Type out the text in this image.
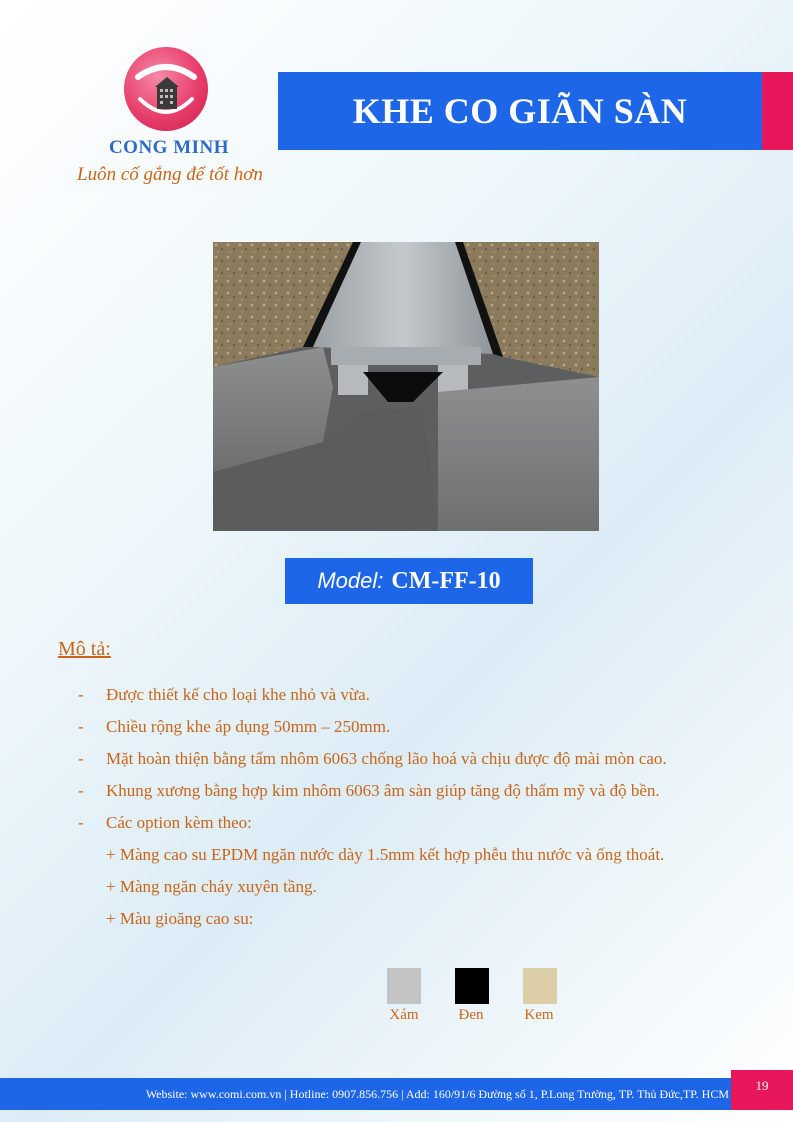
CONG MINH
Luôn cố gắng để tốt hơn
KHE CO GIÃN SÀN
Model: CM-FF-10
Mô tả:
- Được thiết kế cho loại khe nhỏ và vừa.
- Chiều rộng khe áp dụng 50mm – 250mm.
- Mặt hoàn thiện bằng tấm nhôm 6063 chống lão hoá và chịu được độ mài mòn cao.
- Khung xương bằng hợp kim nhôm 6063 âm sàn giúp tăng độ thẩm mỹ và độ bền.
- Các option kèm theo:
+ Màng cao su EPDM ngăn nước dày 1.5mm kết hợp phễu thu nước và ống thoát.
+ Màng ngăn cháy xuyên tầng.
+ Màu gioăng cao su:
Xám	Đen	Kem
Website: www.comi.com.vn | Hotline: 0907.856.756 | Add: 160/91/6 Đường số 1, P.Long Trường, TP. Thủ Đức,TP. HCM
19
